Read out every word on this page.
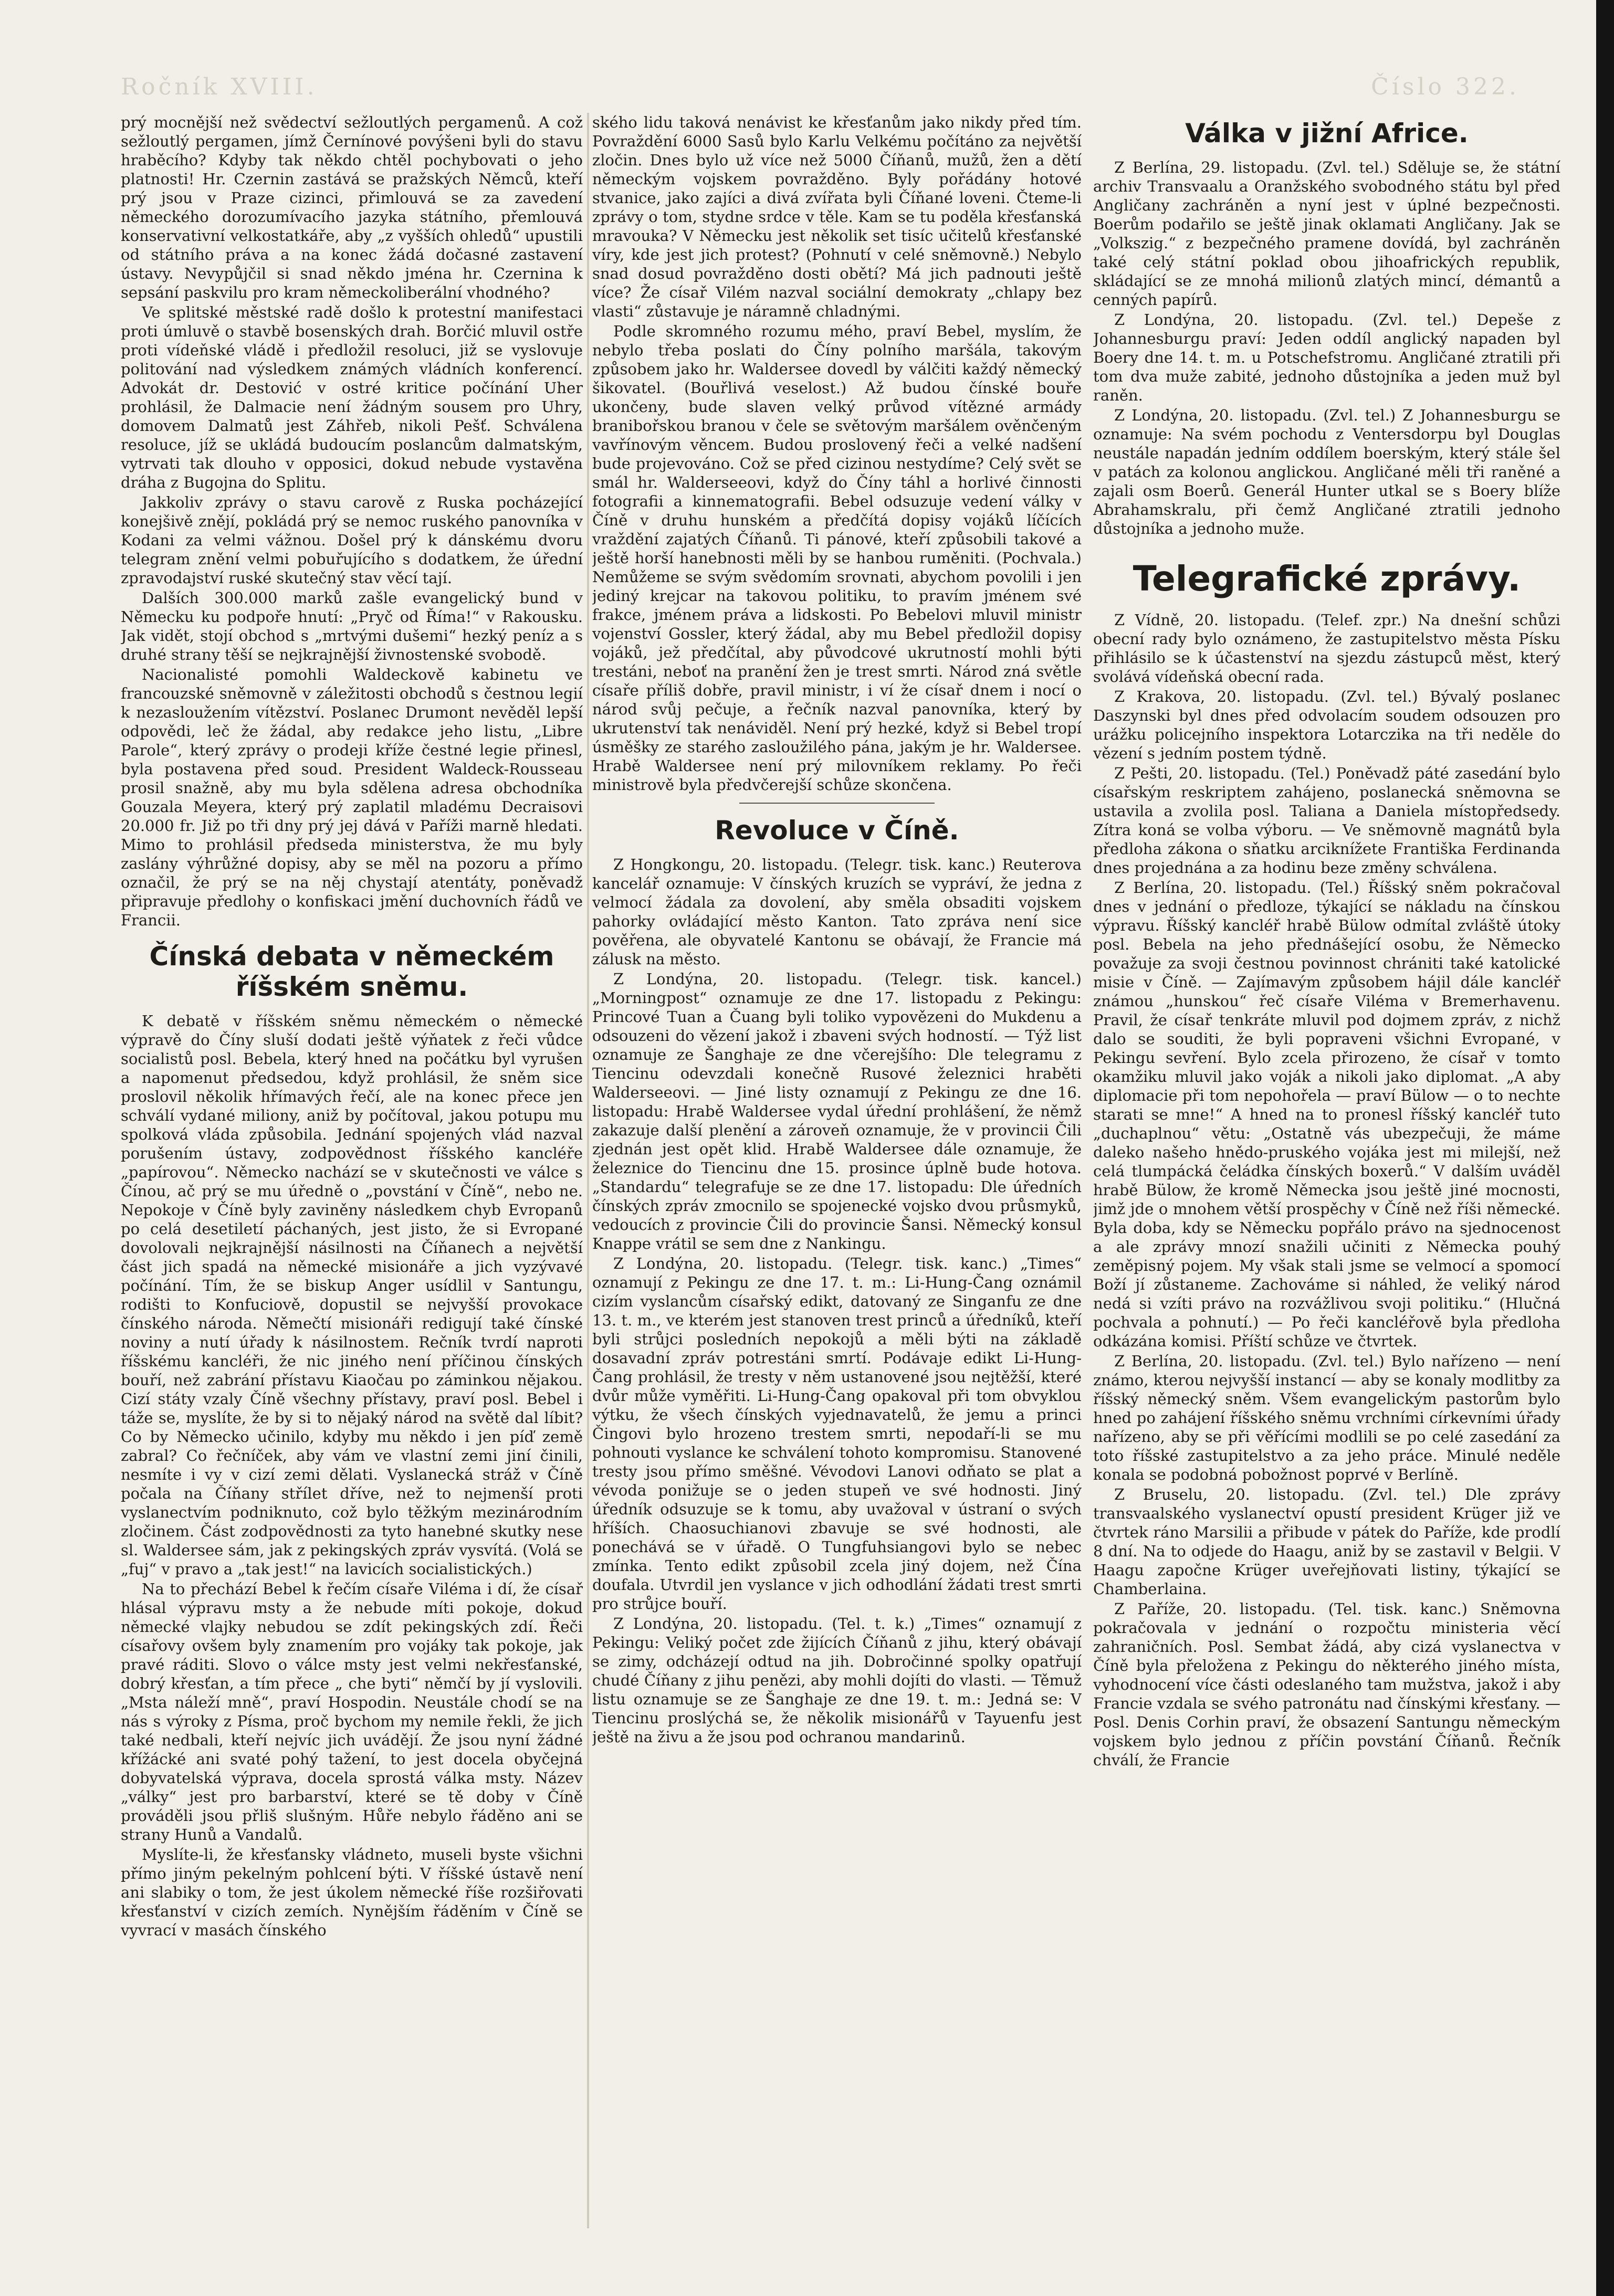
Ročník XVIII.	Číslo 322.

prý mocnější než svědectví sežloutlých pergamenů. A což sežloutlý pergamen, jímž Černínové povýšeni byli do stavu hraběcího? Kdyby tak někdo chtěl pochybovati o jeho platnosti! Hr. Czernin zastává se pražských Němců, kteří prý jsou v Praze cizinci, přimlouvá se za zavedení německého dorozumívacího jazyka státního, přemlouvá konservativní velkostatkáře, aby „z vyšších ohledů“ upustili od státního práva a na konec žádá dočasné zastavení ústavy. Nevypůjčil si snad někdo jména hr. Czernina k sepsání paskvilu pro kram německoliberální vhodného?

Ve splitské městské radě došlo k protestní manifestaci proti úmluvě o stavbě bosenských drah. Borčić mluvil ostře proti vídeňské vládě i předložil resoluci, již se vyslovuje politování nad výsledkem známých vládních konferencí. Advokát dr. Destović v ostré kritice počínání Uher prohlásil, že Dalmacie není žádným sousem pro Uhry, domovem Dalmatů jest Záhřeb, nikoli Pešť. Schválena resoluce, jíž se ukládá budoucím poslancům dalmatským, vytrvati tak dlouho v opposici, dokud nebude vystavěna dráha z Bugojna do Splitu.

Jakkoliv zprávy o stavu carově z Ruska pocházející konejšivě znějí, pokládá prý se nemoc ruského panovníka v Kodani za velmi vážnou. Došel prý k dánskému dvoru telegram znění velmi pobuřujícího s dodatkem, že úřední zpravodajství ruské skutečný stav věcí tají.

Dalších 300.000 marků zašle evangelický bund v Německu ku podpoře hnutí: „Pryč od Říma!“ v Rakousku. Jak vidět, stojí obchod s „mrtvými dušemi“ hezký peníz a s druhé strany těší se nejkrajnější živnostenské svobodě.

Nacionalisté pomohli Waldeckově kabinetu ve francouzské sněmovně v záležitosti obchodů s čestnou legií k nezasloužením vítězství. Poslanec Drumont nevěděl lepší odpovědi, leč že žádal, aby redakce jeho listu, „Libre Parole“, který zprávy o prodeji kříže čestné legie přinesl, byla postavena před soud. President Waldeck-Rousseau prosil snažně, aby mu byla sdělena adresa obchodníka Gouzala Meyera, který prý zaplatil mladému Decraisovi 20.000 fr. Již po tři dny prý jej dává v Paříži marně hledati. Mimo to prohlásil předseda ministerstva, že mu byly zaslány výhrůžné dopisy, aby se měl na pozoru a přímo označil, že prý se na něj chystají atentáty, poněvadž připravuje předlohy o konfiskaci jmění duchovních řádů ve Francii.

Čínská debata v německém říšském sněmu.

K debatě v říšském sněmu německém o německé výpravě do Číny sluší dodati ještě výňatek z řeči vůdce socialistů posl. Bebela, který hned na počátku byl vyrušen a napomenut předsedou, když prohlásil, že sněm sice proslovil několik hřímavých řečí, ale na konec přece jen schválí vydané miliony, aniž by počítoval, jakou potupu mu spolková vláda způsobila. Jednání spojených vlád nazval porušením ústavy, zodpovědnost říšského kancléře „papírovou“. Německo nachází se v skutečnosti ve válce s Čínou, ač prý se mu úředně o „povstání v Číně“, nebo ne. Nepokoje v Číně byly zaviněny následkem chyb Evropanů po celá desetiletí páchaných, jest jisto, že si Evropané dovolovali nejkrajnější násilnosti na Číňanech a největší část jich spadá na německé misionáře a jich vyzývavé počínání. Tím, že se biskup Anger usídlil v Santungu, rodišti to Konfuciově, dopustil se nejvyšší provokace čínského národa. Němečtí misionáři redigují také čínské noviny a nutí úřady k násilnostem. Rečník tvrdí naproti říšskému kancléři, že nic jiného není příčinou čínských bouří, než zabrání přístavu Kiaočau po záminkou nějakou. Cizí státy vzaly Číně všechny přístavy, praví posl. Bebel i táže se, myslíte, že by si to nějaký národ na světě dal líbit? Co by Německo učinilo, kdyby mu někdo i jen píď země zabral? Co řečníček, aby vám ve vlastní zemi jiní činili, nesmíte i vy v cizí zemi dělati. Vyslanecká stráž v Číně počala na Číňany střílet dříve, než to nejmenší proti vyslanectvím podniknuto, což bylo těžkým mezinárodním zločinem. Část zodpovědnosti za tyto hanebné skutky nese sl. Waldersee sám, jak z pekingských zpráv vysvítá. (Volá se „fuj“ v pravo a „tak jest!“ na lavicích socialistických.)

Na to přechází Bebel k řečím císaře Viléma i dí, že císař hlásal výpravu msty a že nebude míti pokoje, dokud německé vlajky nebudou se zdít pekingských zdí. Řeči císařovy ovšem byly znamením pro vojáky tak pokoje, jak pravé ráditi. Slovo o válce msty jest velmi nekřesťanské, dobrý křesťan, a tím přece „ che byti“ němčí by jí vyslovili. „Msta náleží mně“, praví Hospodin. Neustále chodí se na nás s výroky z Písma, proč bychom my nemile řekli, že jich také nedbali, kteří nejvíc jich uvádějí. Že jsou nyní žádné křížácké ani svaté pohý tažení, to jest docela obyčejná dobyvatelská výprava, docela sprostá válka msty. Název „války“ jest pro barbarství, které se tě doby v Číně prováděli jsou přliš slušným. Hůře nebylo řáděno ani se strany Hunů a Vandalů.

Myslíte-li, že křesťansky vládneto, museli byste všichni přímo jiným pekelným pohlcení býti. V říšské ústavě není ani slabiky o tom, že jest úkolem německé říše rozšiřovati křesťanství v cizích zemích. Nynějším řáděním v Číně se vyvrací v masách čínského

ského lidu taková nenávist ke křesťanům jako nikdy před tím. Povraždění 6000 Sasů bylo Karlu Velkému počítáno za největší zločin. Dnes bylo už více než 5000 Číňanů, mužů, žen a dětí německým vojskem povražděno. Byly pořádány hotové stvanice, jako zajíci a divá zvířata byli Číňané loveni. Čteme-li zprávy o tom, stydne srdce v těle. Kam se tu poděla křesťanská mravouka? V Německu jest několik set tisíc učitelů křesťanské víry, kde jest jich protest? (Pohnutí v celé sněmovně.) Nebylo snad dosud povražděno dosti obětí? Má jich padnouti ještě více? Že císař Vilém nazval sociální demokraty „chlapy bez vlasti“ zůstavuje je náramně chladnými.

Podle skromného rozumu mého, praví Bebel, myslím, že nebylo třeba poslati do Číny polního maršála, takovým způsobem jako hr. Waldersee dovedl by válčiti každý německý šikovatel. (Bouřlivá veselost.) Až budou čínské bouře ukončeny, bude slaven velký průvod vítězné armády branibořskou branou v čele se světovým maršálem ověnčeným vavřínovým věncem. Budou proslovený řeči a velké nadšení bude projevováno. Což se před cizinou nestydíme? Celý svět se smál hr. Walderseeovi, když do Číny táhl a horlivé činnosti fotografii a kinnematografii. Bebel odsuzuje vedení války v Číně v druhu hunském a předčítá dopisy vojáků líčících vraždění zajatých Číňanů. Ti pánové, kteří způsobili takové a ještě horší hanebnosti měli by se hanbou ruměniti. (Pochvala.) Nemůžeme se svým svědomím srovnati, abychom povolili i jen jediný krejcar na takovou politiku, to pravím jménem své frakce, jménem práva a lidskosti. Po Bebelovi mluvil ministr vojenství Gossler, který žádal, aby mu Bebel předložil dopisy vojáků, jež předčítal, aby původcové ukrutností mohli býti trestáni, neboť na pranění žen je trest smrti. Národ zná světle císaře příliš dobře, pravil ministr, i ví že císař dnem i nocí o národ svůj pečuje, a řečník nazval panovníka, který by ukrutenství tak nenáviděl. Není prý hezké, když si Bebel tropí úsměšky ze starého zasloužilého pána, jakým je hr. Waldersee. Hrabě Waldersee není prý milovníkem reklamy. Po řeči ministrově byla předvčerejší schůze skončena.

Revoluce v Číně.

Z Hongkongu, 20. listopadu. (Telegr. tisk. kanc.) Reuterova kancelář oznamuje: V čínských kruzích se vypráví, že jedna z velmocí žádala za dovolení, aby směla obsaditi vojskem pahorky ovládající město Kanton. Tato zpráva není sice pověřena, ale obyvatelé Kantonu se obávají, že Francie má zálusk na město.

Z Londýna, 20. listopadu. (Telegr. tisk. kancel.) „Morningpost“ oznamuje ze dne 17. listopadu z Pekingu: Princové Tuan a Čuang byli toliko vypovězeni do Mukdenu a odsouzeni do vězení jakož i zbaveni svých hodností. — Týž list oznamuje ze Šanghaje ze dne včerejšího: Dle telegramu z Tiencinu odevzdali konečně Rusové železnici hraběti Walderseeovi. — Jiné listy oznamují z Pekingu ze dne 16. listopadu: Hrabě Waldersee vydal úřední prohlášení, že němž zakazuje další plenění a zároveň oznamuje, že v provincii Čili zjednán jest opět klid. Hrabě Waldersee dále oznamuje, že železnice do Tiencinu dne 15. prosince úplně bude hotova. „Standardu“ telegrafuje se ze dne 17. listopadu: Dle úředních čínských zpráv zmocnilo se spojenecké vojsko dvou průsmyků, vedoucích z provincie Čili do provincie Šansi. Německý konsul Knappe vrátil se sem dne z Nankingu.

Z Londýna, 20. listopadu. (Telegr. tisk. kanc.) „Times“ oznamují z Pekingu ze dne 17. t. m.: Li-Hung-Čang oznámil cizím vyslancům císařský edikt, datovaný ze Singanfu ze dne 13. t. m., ve kterém jest stanoven trest princů a úředníků, kteří byli strůjci posledních nepokojů a měli býti na základě dosavadní zpráv potrestáni smrtí. Podávaje edikt Li-Hung-Čang prohlásil, že tresty v něm ustanovené jsou nejtěžší, které dvůr může vyměřiti. Li-Hung-Čang opakoval při tom obvyklou výtku, že všech čínských vyjednavatelů, že jemu a princi Čingovi bylo hrozeno trestem smrti, nepodaří-li se mu pohnouti vyslance ke schválení tohoto kompromisu. Stanovené tresty jsou přímo směšné. Vévodovi Lanovi odňato se plat a vévoda ponižuje se o jeden stupeň ve své hodnosti. Jiný úředník odsuzuje se k tomu, aby uvažoval v ústraní o svých hříších. Chaosuchianovi zbavuje se své hodnosti, ale ponechává se v úřadě. O Tungfuhsiangovi bylo se nebec zmínka. Tento edikt způsobil zcela jiný dojem, než Čína doufala. Utvrdil jen vyslance v jich odhodlání žádati trest smrti pro strůjce bouří.

Z Londýna, 20. listopadu. (Tel. t. k.) „Times“ oznamují z Pekingu: Veliký počet zde žijících Číňanů z jihu, který obávají se zimy, odcházejí odtud na jih. Dobročinné spolky opatřují chudé Číňany z jihu penězi, aby mohli dojíti do vlasti. — Těmuž listu oznamuje se ze Šanghaje ze dne 19. t. m.: Jedná se: V Tiencinu proslýchá se, že několik misionářů v Tayuenfu jest ještě na živu a že jsou pod ochranou mandarinů.

Válka v jižní Africe.

Z Berlína, 29. listopadu. (Zvl. tel.) Sděluje se, že státní archiv Transvaalu a Oranžského svobodného státu byl před Angličany zachráněn a nyní jest v úplné bezpečnosti. Boerům podařilo se ještě jinak oklamati Angličany. Jak se „Volkszig.“ z bezpečného pramene dovídá, byl zachráněn také celý státní poklad obou jihoafrických republik, skládající se ze mnohá milionů zlatých mincí, démantů a cenných papírů.

Z Londýna, 20. listopadu. (Zvl. tel.) Depeše z Johannesburgu praví: Jeden oddíl anglický napaden byl Boery dne 14. t. m. u Potschefstromu. Angličané ztratili při tom dva muže zabité, jednoho důstojníka a jeden muž byl raněn.

Z Londýna, 20. listopadu. (Zvl. tel.) Z Johannesburgu se oznamuje: Na svém pochodu z Ventersdorpu byl Douglas neustále napadán jedním oddílem boerským, který stále šel v patách za kolonou anglickou. Angličané měli tři raněné a zajali osm Boerů. Generál Hunter utkal se s Boery blíže Abrahamskralu, při čemž Angličané ztratili jednoho důstojníka a jednoho muže.

Telegrafické zprávy.

Z Vídně, 20. listopadu. (Telef. zpr.) Na dnešní schůzi obecní rady bylo oznámeno, že zastupitelstvo města Písku přihlásilo se k účastenství na sjezdu zástupců měst, který svolává vídeňská obecní rada.

Z Krakova, 20. listopadu. (Zvl. tel.) Bývalý poslanec Daszynski byl dnes před odvolacím soudem odsouzen pro urážku policejního inspektora Lotarczika na tři neděle do vězení s jedním postem týdně.

Z Pešti, 20. listopadu. (Tel.) Poněvadž páté zasedání bylo císařským reskriptem zahájeno, poslanecká sněmovna se ustavila a zvolila posl. Taliana a Daniela místopředsedy. Zítra koná se volba výboru. — Ve sněmovně magnátů byla předloha zákona o sňatku arciknížete Františka Ferdinanda dnes projednána a za hodinu beze změny schválena.

Z Berlína, 20. listopadu. (Tel.) Říšský sněm pokračoval dnes v jednání o předloze, týkající se nákladu na čínskou výpravu. Říšský kancléř hrabě Bülow odmítal zvláště útoky posl. Bebela na jeho přednášející osobu, že Německo považuje za svoji čestnou povinnost chrániti také katolické misie v Číně. — Zajímavým způsobem hájil dále kancléř známou „hunskou“ řeč císaře Viléma v Bremerhavenu. Pravil, že císař tenkráte mluvil pod dojmem zpráv, z nichž dalo se souditi, že byli popraveni všichni Evropané, v Pekingu sevření. Bylo zcela přirozeno, že císař v tomto okamžiku mluvil jako voják a nikoli jako diplomat. „A aby diplomacie při tom nepohořela — praví Bülow — o to nechte starati se mne!“ A hned na to pronesl říšský kancléř tuto „duchaplnou“ větu: „Ostatně vás ubezpečuji, že máme daleko našeho hnědo-pruského vojáka jest mi milejší, než celá tlumpácká čeládka čínských boxerů.“ V dalším uváděl hrabě Bülow, že kromě Německa jsou ještě jiné mocnosti, jimž jde o mnohem větší prospěchy v Číně než říši německé. Byla doba, kdy se Německu popřálo právo na sjednocenost a ale zprávy mnozí snažili učiniti z Německa pouhý zeměpisný pojem. My však stali jsme se velmocí a spomocí Boží jí zůstaneme. Zachováme si náhled, že veliký národ nedá si vzíti právo na rozvážlivou svoji politiku.“ (Hlučná pochvala a pohnutí.) — Po řeči kancléřově byla předloha odkázána komisi. Příští schůze ve čtvrtek.

Z Berlína, 20. listopadu. (Zvl. tel.) Bylo nařízeno — není známo, kterou nejvyšší instancí — aby se konaly modlitby za říšský německý sněm. Všem evangelickým pastorům bylo hned po zahájení říšského sněmu vrchními církevními úřady nařízeno, aby se při věřícími modlili se po celé zasedání za toto říšské zastupitelstvo a za jeho práce. Minulé neděle konala se podobná pobožnost poprvé v Berlíně.

Z Bruselu, 20. listopadu. (Zvl. tel.) Dle zprávy transvaalského vyslanectví opustí president Krüger již ve čtvrtek ráno Marsilii a přibude v pátek do Paříže, kde prodlí 8 dní. Na to odjede do Haagu, aniž by se zastavil v Belgii. V Haagu započne Krüger uveřejňovati listiny, týkající se Chamberlaina.

Z Paříže, 20. listopadu. (Tel. tisk. kanc.) Sněmovna pokračovala v jednání o rozpočtu ministeria věcí zahraničních. Posl. Sembat žádá, aby cizá vyslanectva v Číně byla přeložena z Pekingu do některého jiného místa, vyhodnocení více části odeslaného tam mužstva, jakož i aby Francie vzdala se svého patronátu nad čínskými křesťany. — Posl. Denis Corhin praví, že obsazení Santungu německým vojskem bylo jednou z příčin povstání Číňanů. Řečník chválí, že Francie
